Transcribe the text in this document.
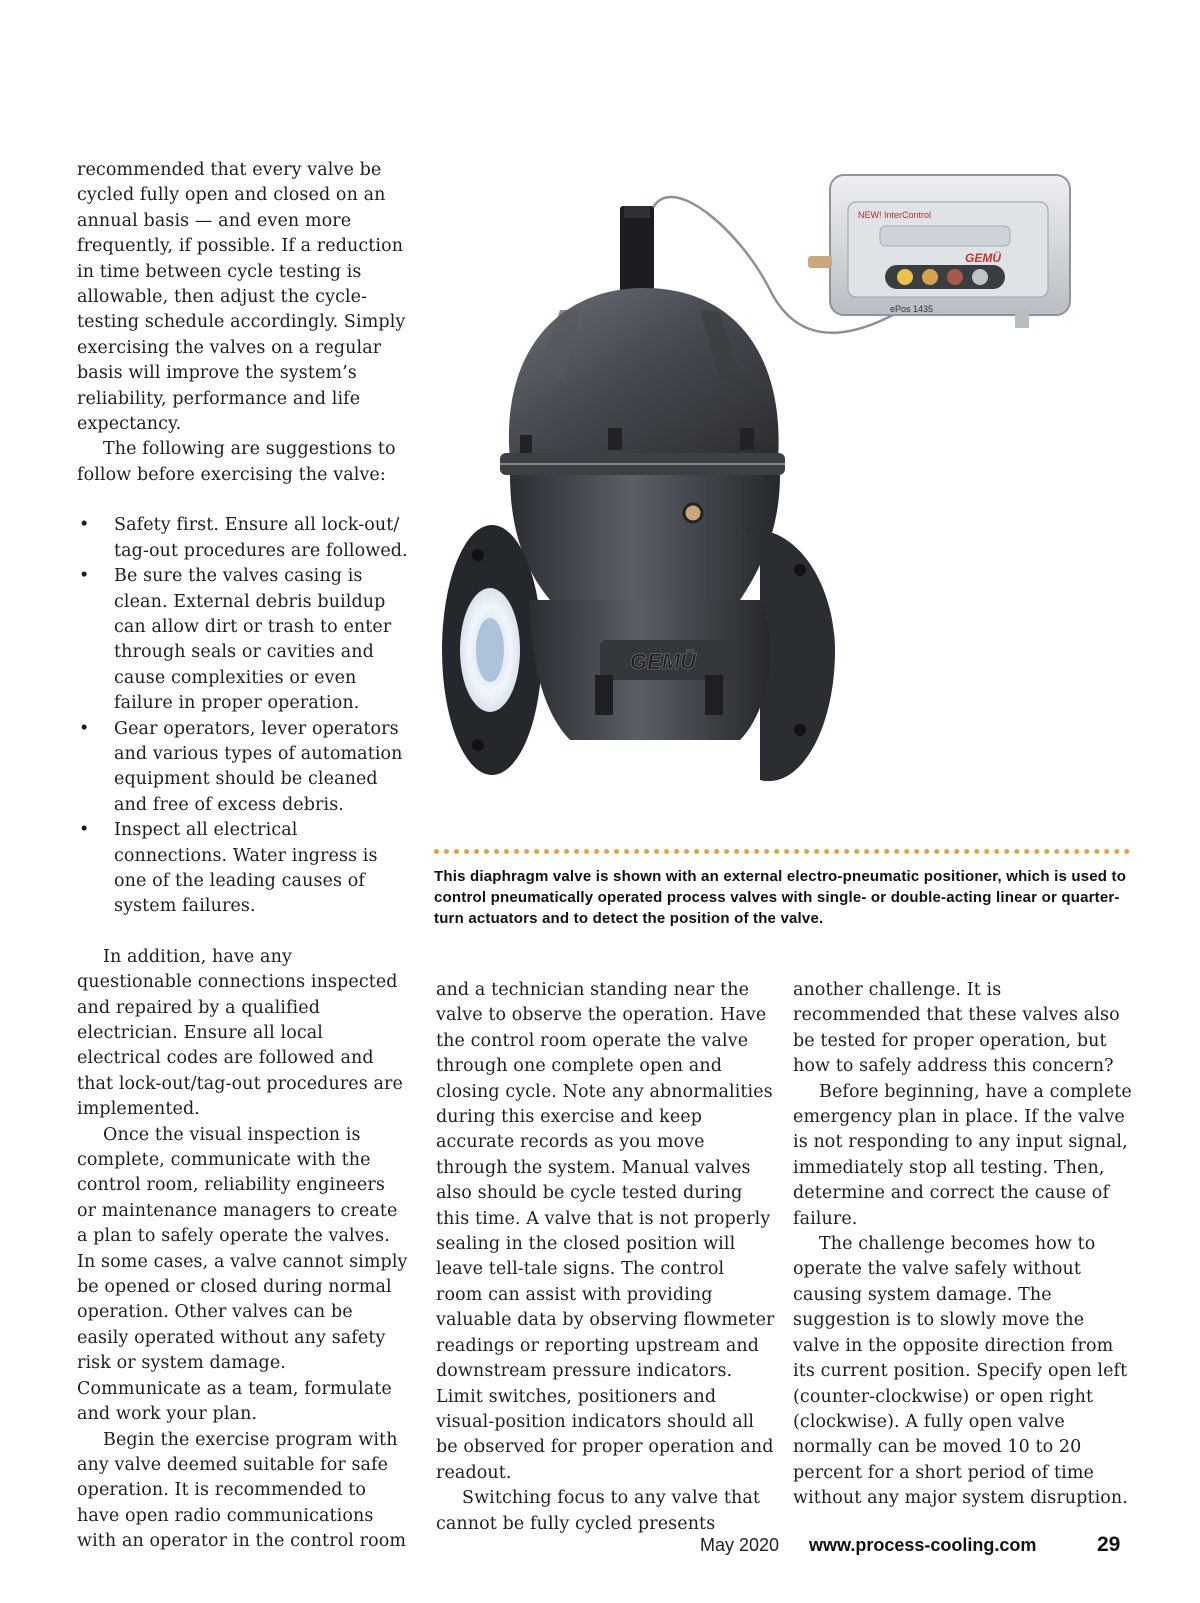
recommended that every valve be cycled fully open and closed on an annual basis — and even more frequently, if possible. If a reduction in time between cycle testing is allowable, then adjust the cycle-testing schedule accordingly. Simply exercising the valves on a regular basis will improve the system’s reliability, performance and life expectancy.

The following are suggestions to follow before exercising the valve:

• Safety first. Ensure all lock-out/ tag-out procedures are followed.
• Be sure the valves casing is clean. External debris buildup can allow dirt or trash to enter through seals or cavities and cause complexities or even failure in proper operation.
• Gear operators, lever operators and various types of automation equipment should be cleaned and free of excess debris.
• Inspect all electrical connections. Water ingress is one of the leading causes of system failures.

In addition, have any questionable connections inspected and repaired by a qualified electrician. Ensure all local electrical codes are followed and that lock-out/tag-out procedures are implemented.

Once the visual inspection is complete, communicate with the control room, reliability engineers or maintenance managers to create a plan to safely operate the valves. In some cases, a valve cannot simply be opened or closed during normal operation. Other valves can be easily operated without any safety risk or system damage. Communicate as a team, formulate and work your plan.

Begin the exercise program with any valve deemed suitable for safe operation. It is recommended to have open radio communications with an operator in the control room

NEW! InterControl
GEMÜ
ePos 1435
GEMÜ
This diaphragm valve is shown with an external electro-pneumatic positioner, which is used to control pneumatically operated process valves with single- or double-acting linear or quarter-turn actuators and to detect the position of the valve.

and a technician standing near the valve to observe the operation. Have the control room operate the valve through one complete open and closing cycle. Note any abnormalities during this exercise and keep accurate records as you move through the system. Manual valves also should be cycle tested during this time. A valve that is not properly sealing in the closed position will leave tell-tale signs. The control room can assist with providing valuable data by observing flowmeter readings or reporting upstream and downstream pressure indicators. Limit switches, positioners and visual-position indicators should all be observed for proper operation and readout.

Switching focus to any valve that cannot be fully cycled presents

another challenge. It is recommended that these valves also be tested for proper operation, but how to safely address this concern?

Before beginning, have a complete emergency plan in place. If the valve is not responding to any input signal, immediately stop all testing. Then, determine and correct the cause of failure.

The challenge becomes how to operate the valve safely without causing system damage. The suggestion is to slowly move the valve in the opposite direction from its current position. Specify open left (counter-clockwise) or open right (clockwise). A fully open valve normally can be moved 10 to 20 percent for a short period of time without any major system disruption.

May 2020 www.process-cooling.com	29
